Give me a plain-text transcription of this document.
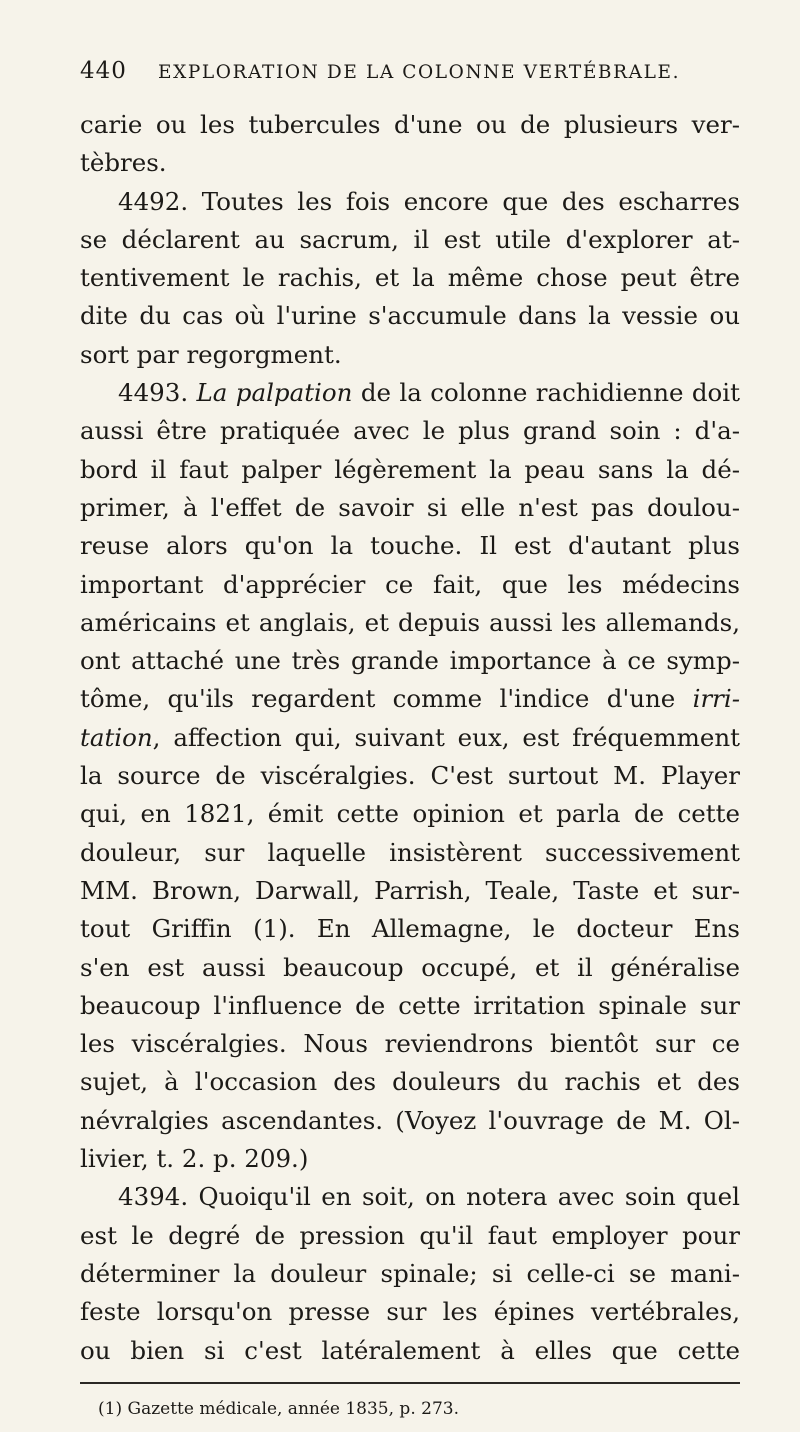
440	EXPLORATION DE LA COLONNE VERTÉBRALE.
carie ou les tubercules d'une ou de plusieurs ver-
tèbres.
4492. Toutes les fois encore que des escharres
se déclarent au sacrum, il est utile d'explorer at-
tentivement le rachis, et la même chose peut être
dite du cas où l'urine s'accumule dans la vessie ou
sort par regorgment.
4493. La palpation de la colonne rachidienne doit
aussi être pratiquée avec le plus grand soin : d'a-
bord il faut palper légèrement la peau sans la dé-
primer, à l'effet de savoir si elle n'est pas doulou-
reuse alors qu'on la touche. Il est d'autant plus
important d'apprécier ce fait, que les médecins
américains et anglais, et depuis aussi les allemands,
ont attaché une très grande importance à ce symp-
tôme, qu'ils regardent comme l'indice d'une irri-
tation, affection qui, suivant eux, est fréquemment
la source de viscéralgies. C'est surtout M. Player
qui, en 1821, émit cette opinion et parla de cette
douleur, sur laquelle insistèrent successivement
MM. Brown, Darwall, Parrish, Teale, Taste et sur-
tout Griffin (1). En Allemagne, le docteur Ens
s'en est aussi beaucoup occupé, et il généralise
beaucoup l'influence de cette irritation spinale sur
les viscéralgies. Nous reviendrons bientôt sur ce
sujet, à l'occasion des douleurs du rachis et des
névralgies ascendantes. (Voyez l'ouvrage de M. Ol-
livier, t. 2. p. 209.)
4394. Quoiqu'il en soit, on notera avec soin quel
est le degré de pression qu'il faut employer pour
déterminer la douleur spinale; si celle-ci se mani-
feste lorsqu'on presse sur les épines vertébrales,
ou bien si c'est latéralement à elles que cette
(1) Gazette médicale, année 1835, p. 273.
